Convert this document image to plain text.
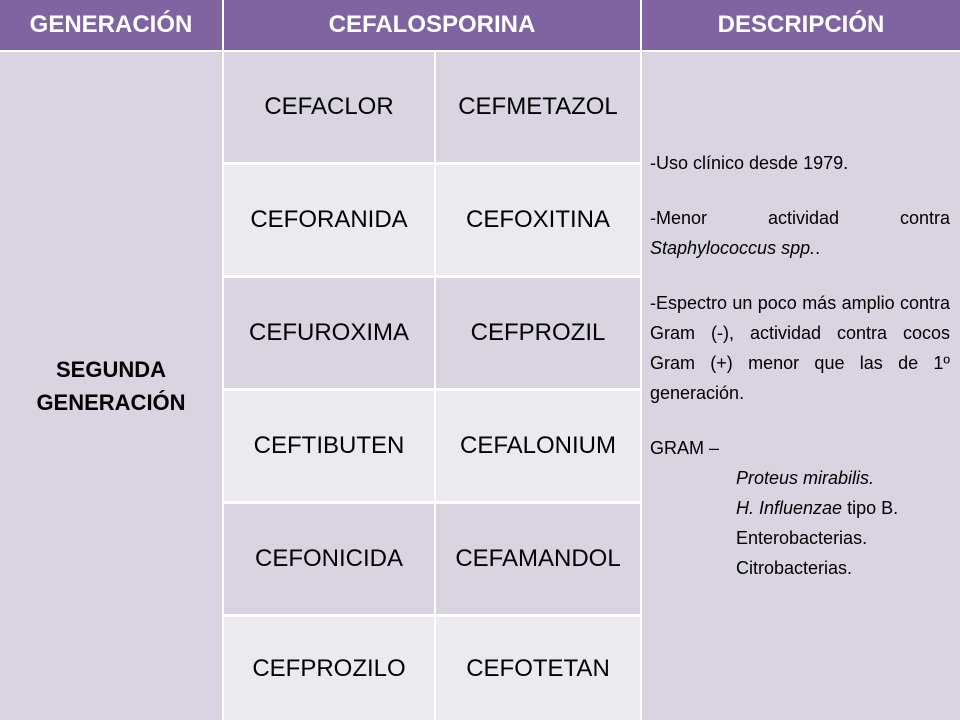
GENERACIÓN	CEFALOSPORINA	DESCRIPCIÓN
SEGUNDA
GENERACIÓN
CEFACLOR	CEFMETAZOL
CEFORANIDA	CEFOXITINA
CEFUROXIMA	CEFPROZIL
CEFTIBUTEN	CEFALONIUM
CEFONICIDA	CEFAMANDOL
CEFPROZILO	CEFOTETAN

-Uso clínico desde 1979.

-Menor actividad contra Staphylococcus spp..

-Espectro un poco más amplio contra Gram (-), actividad contra cocos Gram (+) menor que las de 1º generación.

GRAM –

Proteus mirabilis.

H. Influenzae tipo B.

Enterobacterias.

Citrobacterias.
